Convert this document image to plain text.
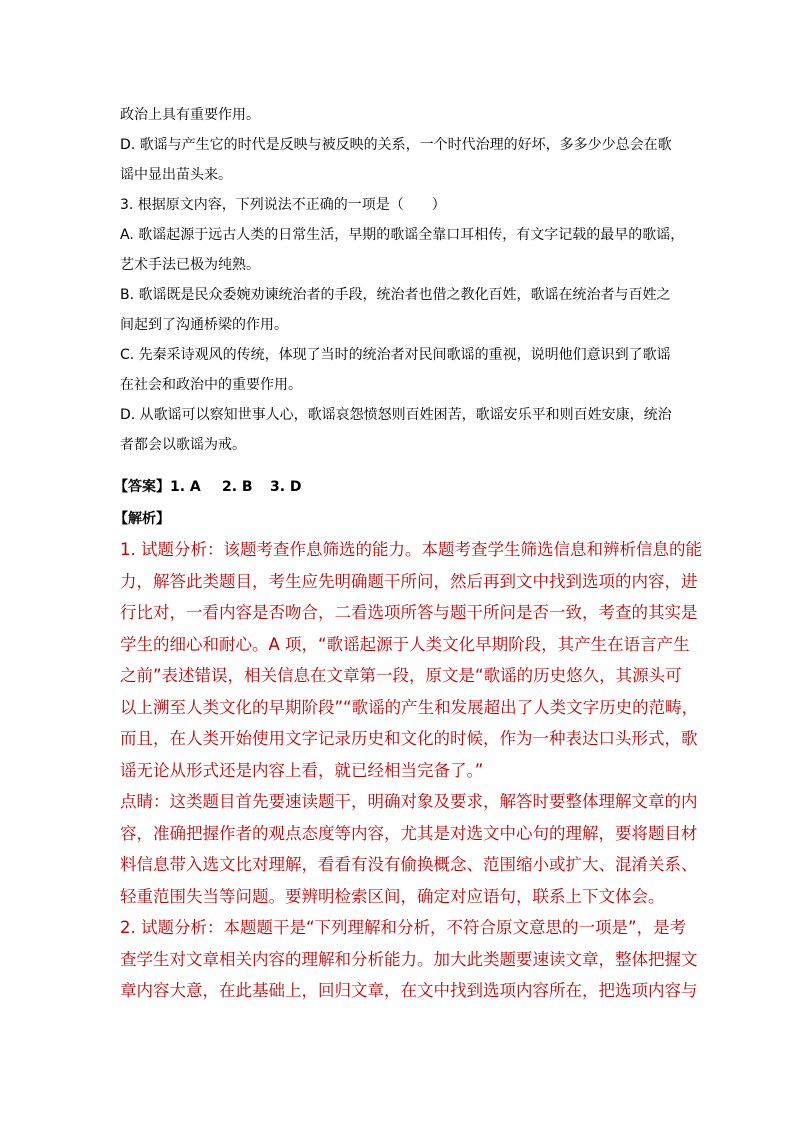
政治上具有重要作用。
D. 歌谣与产生它的时代是反映与被反映的关系，一个时代治理的好坏，多多少少总会在歌
谣中显出苗头来。
3. 根据原文内容，下列说法不正确的一项是（　　）
A. 歌谣起源于远古人类的日常生活，早期的歌谣全靠口耳相传，有文字记载的最早的歌谣，
艺术手法已极为纯熟。
B. 歌谣既是民众委婉劝谏统治者的手段，统治者也借之教化百姓，歌谣在统治者与百姓之
间起到了沟通桥梁的作用。
C. 先秦采诗观风的传统，体现了当时的统治者对民间歌谣的重视，说明他们意识到了歌谣
在社会和政治中的重要作用。
D. 从歌谣可以察知世事人心，歌谣哀怨愤怒则百姓困苦，歌谣安乐平和则百姓安康，统治
者都会以歌谣为戒。
【答案】1. A 2. B 3. D
【解析】
1. 试题分析：该题考查作息筛选的能力。本题考查学生筛选信息和辨析信息的能
力，解答此类题目，考生应先明确题干所问，然后再到文中找到选项的内容，进
行比对，一看内容是否吻合，二看选项所答与题干所问是否一致，考查的其实是
学生的细心和耐心。A 项，“歌谣起源于人类文化早期阶段，其产生在语言产生
之前”表述错误，相关信息在文章第一段，原文是“歌谣的历史悠久，其源头可
以上溯至人类文化的早期阶段”“歌谣的产生和发展超出了人类文字历史的范畴，
而且，在人类开始使用文字记录历史和文化的时候，作为一种表达口头形式，歌
谣无论从形式还是内容上看，就已经相当完备了。”
点睛：这类题目首先要速读题干，明确对象及要求，解答时要整体理解文章的内
容，准确把握作者的观点态度等内容，尤其是对选文中心句的理解，要将题目材
料信息带入选文比对理解，看看有没有偷换概念、范围缩小或扩大、混淆关系、
轻重范围失当等问题。要辨明检索区间，确定对应语句，联系上下文体会。
2. 试题分析：本题题干是“下列理解和分析，不符合原文意思的一项是”，是考
查学生对文章相关内容的理解和分析能力。加大此类题要速读文章，整体把握文
章内容大意，在此基础上，回归文章，在文中找到选项内容所在，把选项内容与
